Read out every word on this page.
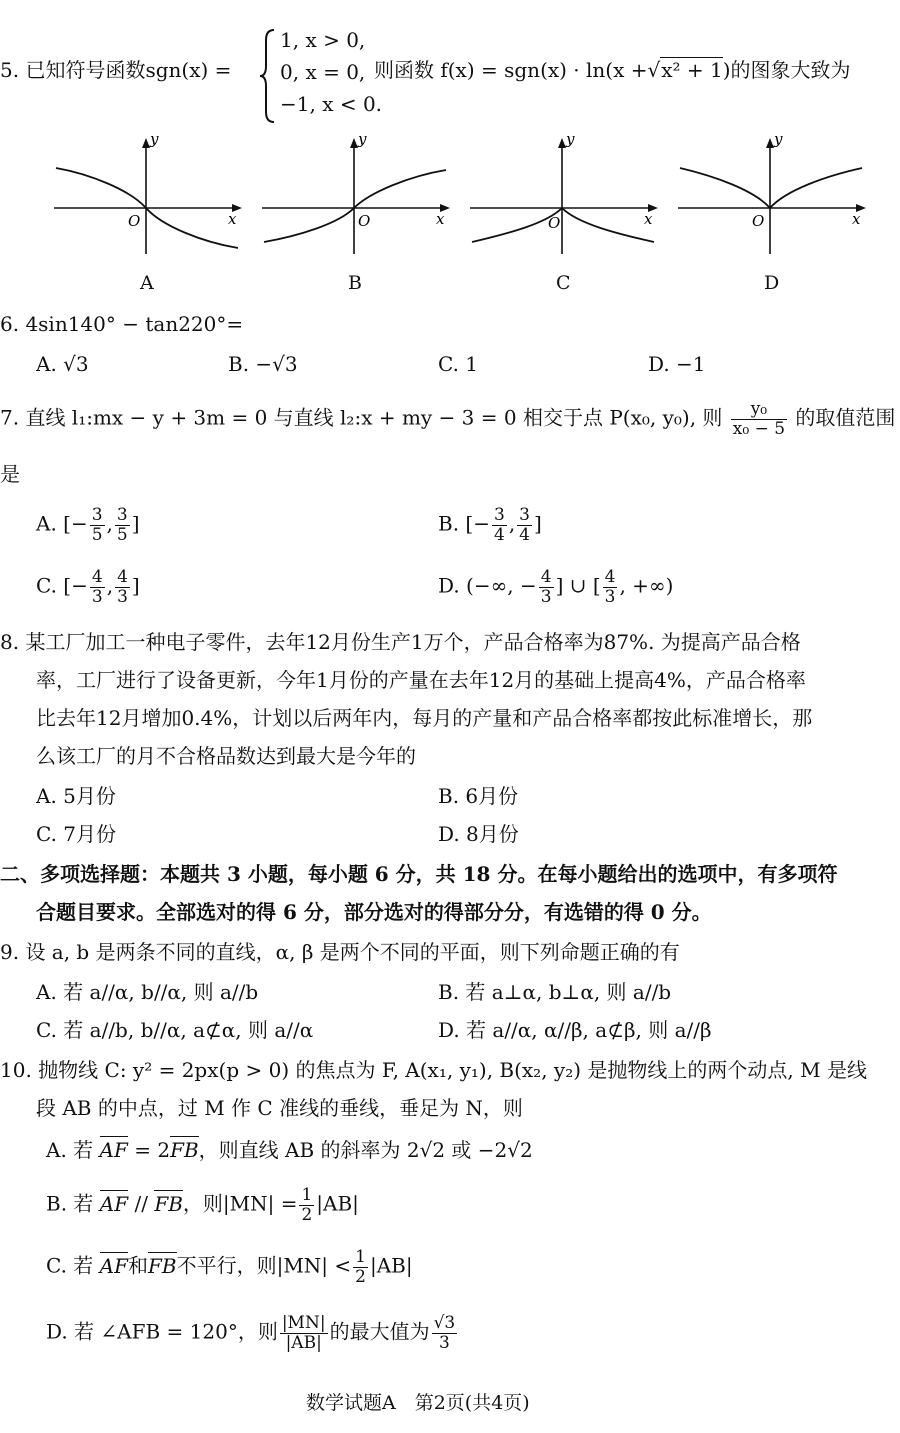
5. 已知符号函数sgn(x) =
1, x > 0,
0, x = 0,
−1, x < 0.
则函数 f(x) = sgn(x) · ln(x +√x² + 1)的图象大致为
y
x
O
y
x
O
y
x
O
y
x
O
A	B	C	D
6. 4sin140° − tan220°=
A. √3	B. −√3	C. 1	D. −1
7. 直线 l₁:mx − y + 3m = 0 与直线 l₂:x + my − 3 = 0 相交于点 P(x₀, y₀), 则 $\frac{\text{y₀}}{\text{x₀ − 5}}$ 的取值范围
是
A. [− $\frac{3}{5}$ , $\frac{3}{5}$ ]	B. [− $\frac{3}{4}$ , $\frac{3}{4}$ ]
C. [− $\frac{4}{3}$ , $\frac{4}{3}$ ]	D. (−∞, − $\frac{4}{3}$ ] ∪ [ $\frac{4}{3}$ , +∞)
8. 某工厂加工一种电子零件，去年12月份生产1万个，产品合格率为87%. 为提高产品合格
率，工厂进行了设备更新，今年1月份的产量在去年12月的基础上提高4%，产品合格率
比去年12月增加0.4%，计划以后两年内，每月的产量和产品合格率都按此标准增长，那
么该工厂的月不合格品数达到最大是今年的
A. 5月份	B. 6月份
C. 7月份	D. 8月份
二、多项选择题：本题共 3 小题，每小题 6 分，共 18 分。在每小题给出的选项中，有多项符
合题目要求。全部选对的得 6 分，部分选对的得部分分，有选错的得 0 分。
9. 设 a, b 是两条不同的直线，α, β 是两个不同的平面，则下列命题正确的有
A. 若 a//α, b//α, 则 a//b	B. 若 a⊥α, b⊥α, 则 a//b
C. 若 a//b, b//α, a⊄α, 则 a//α	D. 若 a//α, α//β, a⊄β, 则 a//β
10. 抛物线 C: y² = 2px(p > 0) 的焦点为 F, A(x₁, y₁), B(x₂, y₂) 是抛物线上的两个动点, M 是线
段 AB 的中点，过 M 作 C 准线的垂线，垂足为 N，则
A. 若 AF = 2FB，则直线 AB 的斜率为 2√2 或 −2√2
B. 若 AF // FB，则$|MN| = \frac{1}{2} |AB|$
C. 若 AF和FB不平行，则$|MN| < \frac{1}{2} |AB|$
D. 若 ∠AFB = 120°，则 $\frac{|MN|}{|AB|}$ 的最大值为 $\frac{√3}{3}$
数学试题A　第2页(共4页)
